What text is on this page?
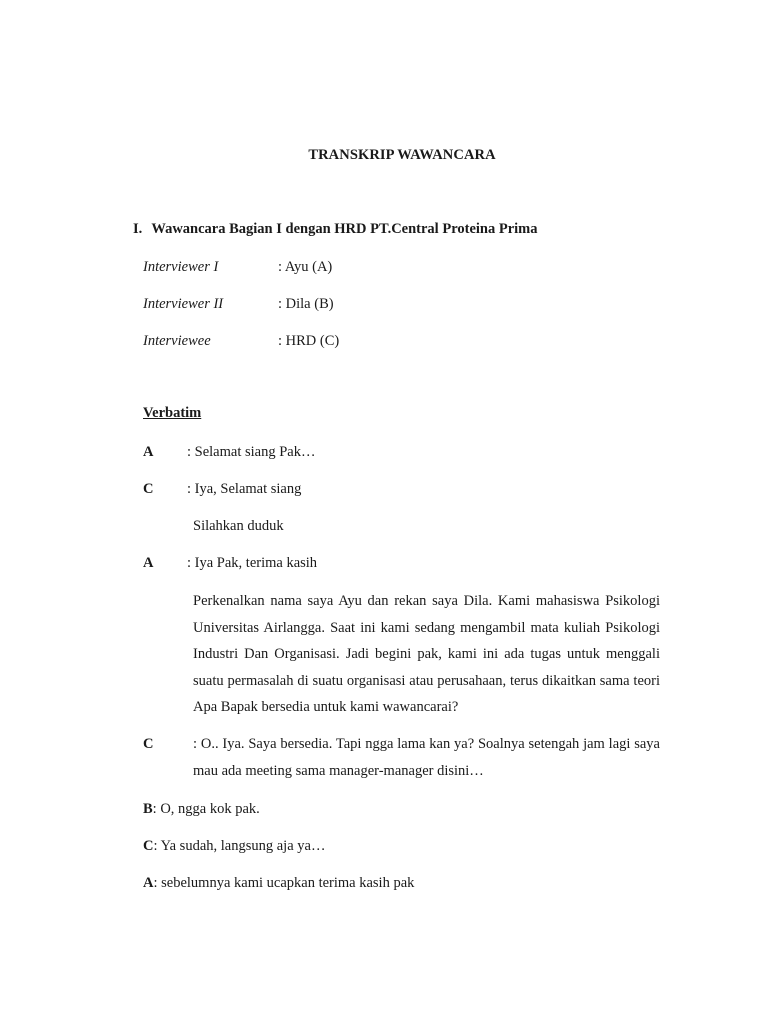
TRANSKRIP WAWANCARA
I. Wawancara Bagian I dengan HRD PT.Central Proteina Prima
Interviewer I	: Ayu (A)
Interviewer II	: Dila (B)
Interviewee	: HRD (C)
Verbatim
A : Selamat siang Pak…
C : Iya, Selamat siang
Silahkan duduk
A : Iya Pak, terima kasih
Perkenalkan nama saya Ayu dan rekan saya Dila. Kami mahasiswa Psikologi Universitas Airlangga. Saat ini kami sedang mengambil mata kuliah Psikologi Industri Dan Organisasi. Jadi begini pak, kami ini ada tugas untuk menggali suatu permasalah di suatu organisasi atau perusahaan, terus dikaitkan sama teori Apa Bapak bersedia untuk kami wawancarai?
C	: O.. Iya. Saya bersedia. Tapi ngga lama kan ya? Soalnya setengah jam lagi saya mau ada meeting sama manager-manager disini…
B: O, ngga kok pak.
C: Ya sudah, langsung aja ya…
A: sebelumnya kami ucapkan terima kasih pak
